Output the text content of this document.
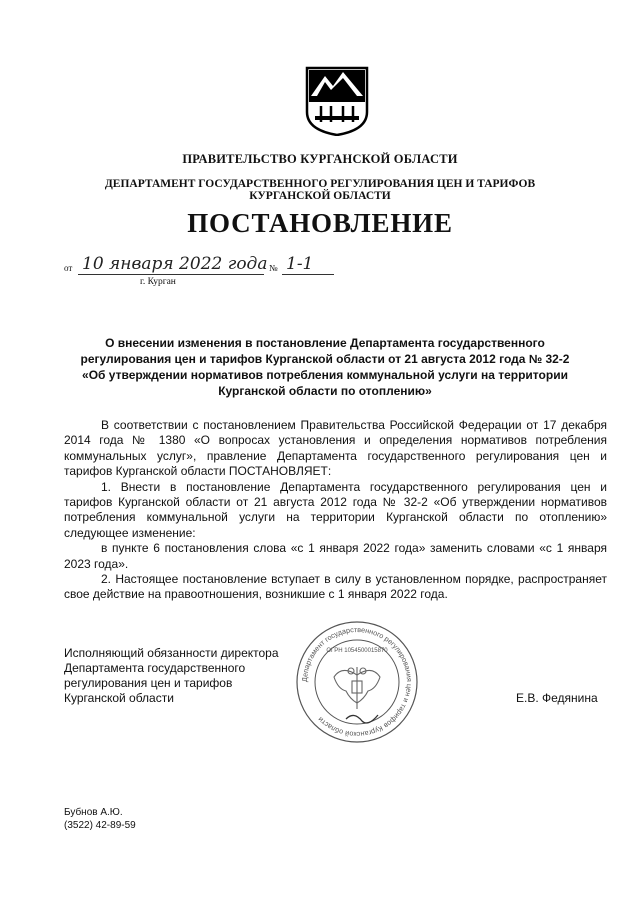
ПРАВИТЕЛЬСТВО КУРГАНСКОЙ ОБЛАСТИ
ДЕПАРТАМЕНТ ГОСУДАРСТВЕННОГО РЕГУЛИРОВАНИЯ ЦЕН И ТАРИФОВ
КУРГАНСКОЙ ОБЛАСТИ
ПОСТАНОВЛЕНИЕ
от 10 января 2022 года № 1-1
г. Курган
О внесении изменения в постановление Департамента государственного
регулирования цен и тарифов Курганской области от 21 августа 2012 года № 32-2
«Об утверждении нормативов потребления коммунальной услуги на территории
Курганской области по отоплению»

В соответствии с постановлением Правительства Российской Федерации от 17 декабря 2014 года № 1380 «О вопросах установления и определения нормативов потребления коммунальных услуг», правление Департамента государственного регулирования цен и тарифов Курганской области ПОСТАНОВЛЯЕТ:

1. Внести в постановление Департамента государственного регулирования цен и тарифов Курганской области от 21 августа 2012 года № 32-2 «Об утверждении нормативов потребления коммунальной услуги на территории Курганской области по отоплению» следующее изменение:

в пункте 6 постановления слова «с 1 января 2022 года» заменить словами «с 1 января 2023 года».

2. Настоящее постановление вступает в силу в установленном порядке, распространяет свое действие на правоотношения, возникшие с 1 января 2022 года.

Исполняющий обязанности директора
Департамента государственного
регулирования цен и тарифов
Курганской области	Е.В. Федянина
Департамент государственного регулирования цен и тарифов Курганской области
ОГРН 1054500015870
Бубнов А.Ю.
(3522) 42-89-59
